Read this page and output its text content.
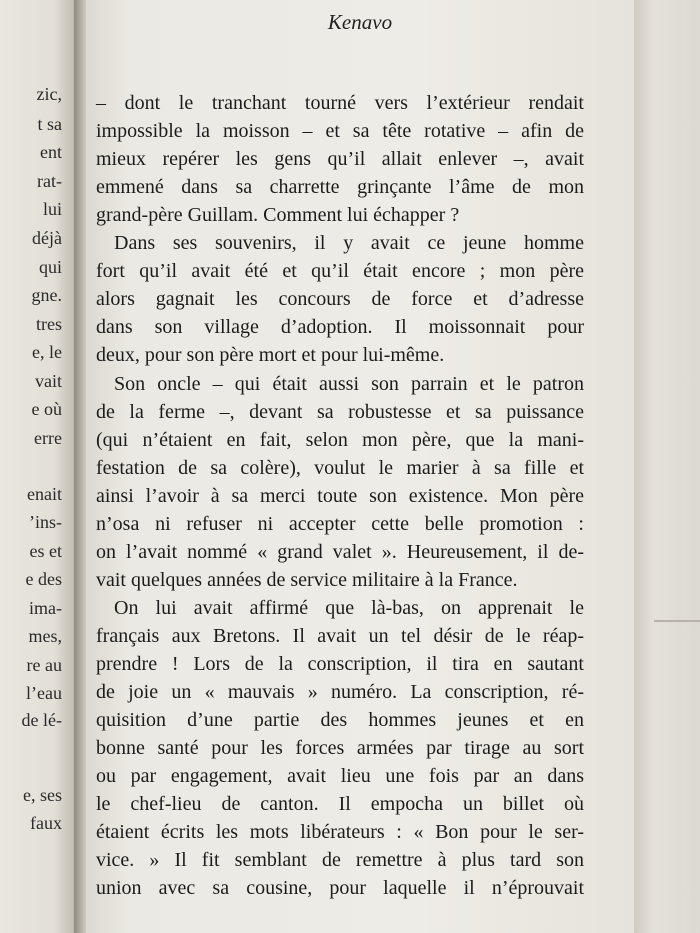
zic,
t sa
ent
rat-
lui
déjà
qui
gne.
tres
e, le
vait
e où
erre
enait
’ins-
es et
e des
ima-
mes,
re au
l’eau
de lé-
e, ses
faux
Kenavo
– dont le tranchant tourné vers l’extérieur rendait
impossible la moisson – et sa tête rotative – afin de
mieux repérer les gens qu’il allait enlever –, avait
emmené dans sa charrette grinçante l’âme de mon
grand-père Guillam. Comment lui échapper ?
Dans ses souvenirs, il y avait ce jeune homme
fort qu’il avait été et qu’il était encore ; mon père
alors gagnait les concours de force et d’adresse
dans son village d’adoption. Il moissonnait pour
deux, pour son père mort et pour lui-même.
Son oncle – qui était aussi son parrain et le patron
de la ferme –, devant sa robustesse et sa puissance
(qui n’étaient en fait, selon mon père, que la mani-
festation de sa colère), voulut le marier à sa fille et
ainsi l’avoir à sa merci toute son existence. Mon père
n’osa ni refuser ni accepter cette belle promotion :
on l’avait nommé « grand valet ». Heureusement, il de-
vait quelques années de service militaire à la France.
On lui avait affirmé que là-bas, on apprenait le
français aux Bretons. Il avait un tel désir de le réap-
prendre ! Lors de la conscription, il tira en sautant
de joie un « mauvais » numéro. La conscription, ré-
quisition d’une partie des hommes jeunes et en
bonne santé pour les forces armées par tirage au sort
ou par engagement, avait lieu une fois par an dans
le chef-lieu de canton. Il empocha un billet où
étaient écrits les mots libérateurs : « Bon pour le ser-
vice. » Il fit semblant de remettre à plus tard son
union avec sa cousine, pour laquelle il n’éprouvait
